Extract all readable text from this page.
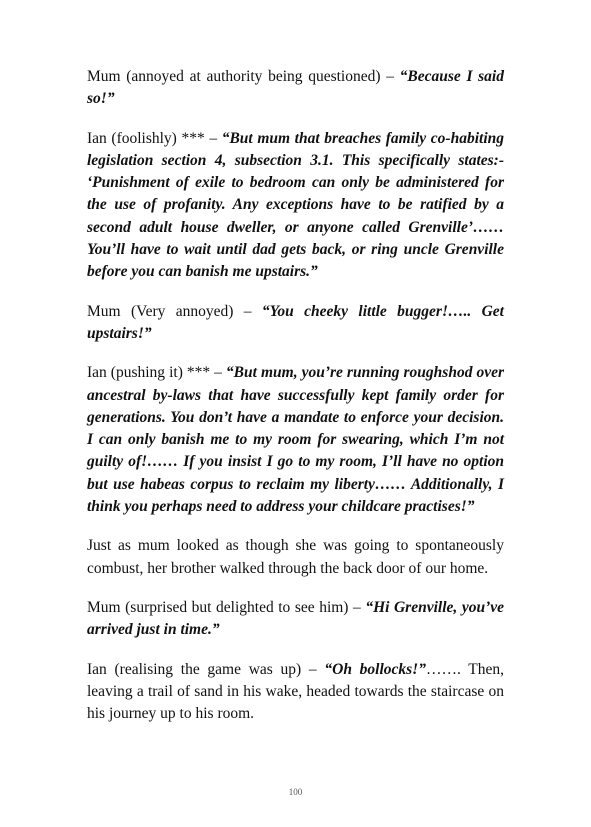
Mum (annoyed at authority being questioned) – “Because I said so!”

Ian (foolishly) *** – “But mum that breaches family co-habiting legislation section 4, subsection 3.1. This specifically states:- ‘Punishment of exile to bedroom can only be administered for the use of profanity. Any exceptions have to be ratified by a second adult house dweller, or anyone called Grenville’…… You’ll have to wait until dad gets back, or ring uncle Grenville before you can banish me upstairs.”

Mum (Very annoyed) – “You cheeky little bugger!….. Get upstairs!”

Ian (pushing it) *** – “But mum, you’re running roughshod over ancestral by-laws that have successfully kept family order for generations. You don’t have a mandate to enforce your decision. I can only banish me to my room for swearing, which I’m not guilty of!…… If you insist I go to my room, I’ll have no option but use habeas corpus to reclaim my liberty…… Additionally, I think you perhaps need to address your childcare practises!”

Just as mum looked as though she was going to spontaneously combust, her brother walked through the back door of our home.

Mum (surprised but delighted to see him) – “Hi Grenville, you’ve arrived just in time.”

Ian (realising the game was up) – “Oh bollocks!”……. Then, leaving a trail of sand in his wake, headed towards the staircase on his journey up to his room.

100
